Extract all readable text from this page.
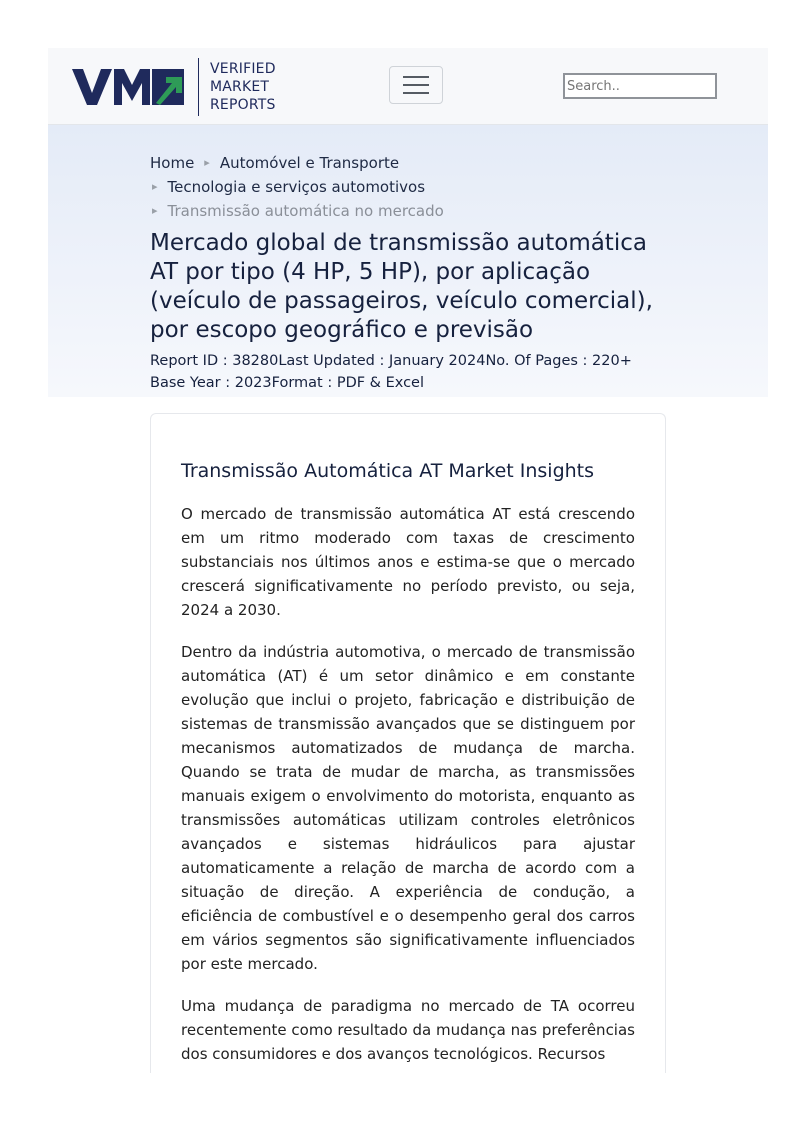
VERIFIED
MARKET
REPORTS
Search..
Home ▸ Automóvel e Transporte
▸ Tecnologia e serviços automotivos
▸ Transmissão automática no mercado
Mercado global de transmissão automática AT por tipo (4 HP, 5 HP), por aplicação (veículo de passageiros, veículo comercial), por escopo geográfico e previsão
Report ID : 38280Last Updated : January 2024No. Of Pages : 220+
Base Year : 2023Format : PDF & Excel
Transmissão Automática AT Market Insights

O mercado de transmissão automática AT está crescendo em um ritmo moderado com taxas de crescimento substanciais nos últimos anos e estima-se que o mercado crescerá significativamente no período previsto, ou seja, 2024 a 2030.

Dentro da indústria automotiva, o mercado de transmissão automática (AT) é um setor dinâmico e em constante evolução que inclui o projeto, fabricação e distribuição de sistemas de transmissão avançados que se distinguem por mecanismos automatizados de mudança de marcha. Quando se trata de mudar de marcha, as transmissões manuais exigem o envolvimento do motorista, enquanto as transmissões automáticas utilizam controles eletrônicos avançados e sistemas hidráulicos para ajustar automaticamente a relação de marcha de acordo com a situação de direção. A experiência de condução, a eficiência de combustível e o desempenho geral dos carros em vários segmentos são significativamente influenciados por este mercado.

Uma mudança de paradigma no mercado de TA ocorreu recentemente como resultado da mudança nas preferências dos consumidores e dos avanços tecnológicos. Recursos
